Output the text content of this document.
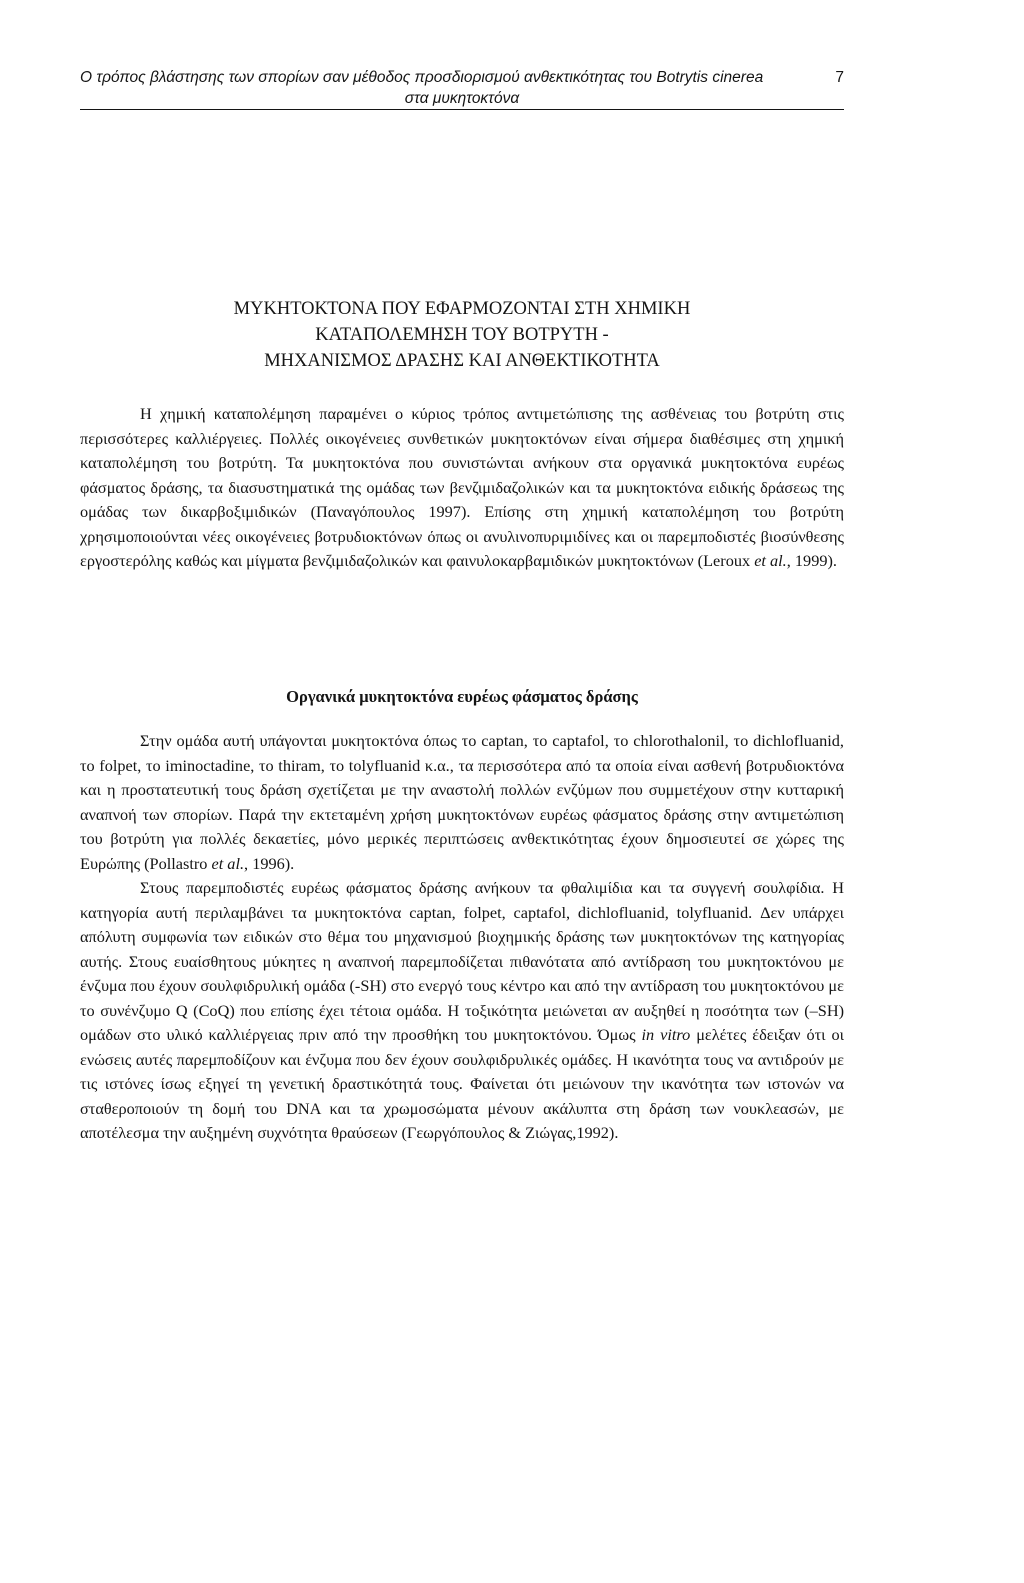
Ο τρόπος βλάστησης των σπορίων σαν μέθοδος προσδιορισμού ανθεκτικότητας του Botrytis cinerea	7
στα μυκητοκτόνα
ΜΥΚΗΤΟΚΤΟΝΑ ΠΟΥ ΕΦΑΡΜΟΖΟΝΤΑΙ ΣΤΗ ΧΗΜΙΚΗ
ΚΑΤΑΠΟΛΕΜΗΣΗ ΤΟΥ ΒΟΤΡΥΤΗ -
ΜΗΧΑΝΙΣΜΟΣ ΔΡΑΣΗΣ ΚΑΙ ΑΝΘΕΚΤΙΚΟΤΗΤΑ

Η χημική καταπολέμηση παραμένει ο κύριος τρόπος αντιμετώπισης της ασθένειας του βοτρύτη στις περισσότερες καλλιέργειες. Πολλές οικογένειες συνθετικών μυκητοκτόνων είναι σήμερα διαθέσιμες στη χημική καταπολέμηση του βοτρύτη. Τα μυκητοκτόνα που συνιστώνται ανήκουν στα οργανικά μυκητοκτόνα ευρέως φάσματος δράσης, τα διασυστηματικά της ομάδας των βενζιμιδαζολικών και τα μυκητοκτόνα ειδικής δράσεως της ομάδας των δικαρβοξιμιδικών (Παναγόπουλος 1997). Επίσης στη χημική καταπολέμηση του βοτρύτη χρησιμοποιούνται νέες οικογένειες βοτρυδιοκτόνων όπως οι ανυλινοπυριμιδίνες και οι παρεμποδιστές βιοσύνθεσης εργοστερόλης καθώς και μίγματα βενζιμιδαζολικών και φαινυλοκαρβαμιδικών μυκητοκτόνων (Leroux et al., 1999).

Οργανικά μυκητοκτόνα ευρέως φάσματος δράσης

Στην ομάδα αυτή υπάγονται μυκητοκτόνα όπως το captan, το captafol, το chlorothalonil, το dichlofluanid, το folpet, το iminoctadine, το thiram, το tolyfluanid κ.α., τα περισσότερα από τα οποία είναι ασθενή βοτρυδιοκτόνα και η προστατευτική τους δράση σχετίζεται με την αναστολή πολλών ενζύμων που συμμετέχουν στην κυτταρική αναπνοή των σπορίων. Παρά την εκτεταμένη χρήση μυκητοκτόνων ευρέως φάσματος δράσης στην αντιμετώπιση του βοτρύτη για πολλές δεκαετίες, μόνο μερικές περιπτώσεις ανθεκτικότητας έχουν δημοσιευτεί σε χώρες της Ευρώπης (Pollastro et al., 1996).

Στους παρεμποδιστές ευρέως φάσματος δράσης ανήκουν τα φθαλιμίδια και τα συγγενή σουλφίδια. Η κατηγορία αυτή περιλαμβάνει τα μυκητοκτόνα captan, folpet, captafol, dichlofluanid, tolyfluanid. Δεν υπάρχει απόλυτη συμφωνία των ειδικών στο θέμα του μηχανισμού βιοχημικής δράσης των μυκητοκτόνων της κατηγορίας αυτής. Στους ευαίσθητους μύκητες η αναπνοή παρεμποδίζεται πιθανότατα από αντίδραση του μυκητοκτόνου με ένζυμα που έχουν σουλφιδρυλική ομάδα (-SH) στο ενεργό τους κέντρο και από την αντίδραση του μυκητοκτόνου με το συνένζυμο Q (CoQ) που επίσης έχει τέτοια ομάδα. Η τοξικότητα μειώνεται αν αυξηθεί η ποσότητα των (–SH) ομάδων στο υλικό καλλιέργειας πριν από την προσθήκη του μυκητοκτόνου. Όμως in vitro μελέτες έδειξαν ότι οι ενώσεις αυτές παρεμποδίζουν και ένζυμα που δεν έχουν σουλφιδρυλικές ομάδες. Η ικανότητα τους να αντιδρούν με τις ιστόνες ίσως εξηγεί τη γενετική δραστικότητά τους. Φαίνεται ότι μειώνουν την ικανότητα των ιστονών να σταθεροποιούν τη δομή του DNA και τα χρωμοσώματα μένουν ακάλυπτα στη δράση των νουκλεασών, με αποτέλεσμα την αυξημένη συχνότητα θραύσεων (Γεωργόπουλος & Ζιώγας,1992).
